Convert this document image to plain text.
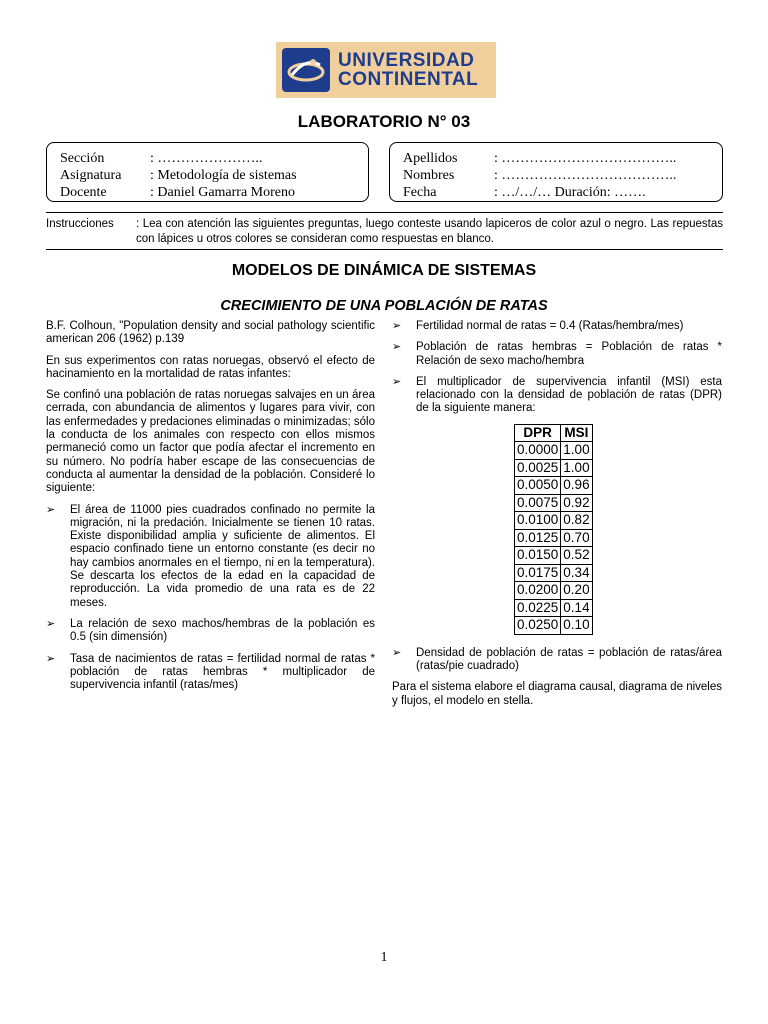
UNIVERSIDAD
CONTINENTAL
LABORATORIO N° 03
Sección	: …………………..
Asignatura	: Metodología de sistemas
Docente	: Daniel Gamarra Moreno
Apellidos	: ………………………………..
Nombres	: ………………………………..
Fecha	: …/…/… Duración: …….
Instrucciones	: Lea con atención las siguientes preguntas, luego conteste usando lapiceros de color azul o negro. Las repuestas con lápices u otros colores se consideran como respuestas en blanco.
MODELOS DE DINÁMICA DE SISTEMAS
CRECIMIENTO DE UNA POBLACIÓN DE RATAS

B.F. Colhoun, "Population density and social pathology scientific american 206 (1962) p.139

En sus experimentos con ratas noruegas, observó el efecto de hacinamiento en la mortalidad de ratas infantes:

Se confinó una población de ratas noruegas salvajes en un área cerrada, con abundancia de alimentos y lugares para vivir, con las enfermedades y predaciones eliminadas o minimizadas; sólo la conducta de los animales con respecto con ellos mismos permaneció como un factor que podía afectar el incremento en su número. No podría haber escape de las consecuencias de conducta al aumentar la densidad de la población. Consideré lo siguiente:

➢	El área de 11000 pies cuadrados confinado no permite la migración, ni la predación. Inicialmente se tienen 10 ratas. Existe disponibilidad amplia y suficiente de alimentos. El espacio confinado tiene un entorno constante (es decir no hay cambios anormales en el tiempo, ni en la temperatura). Se descarta los efectos de la edad en la capacidad de reproducción. La vida promedio de una rata es de 22 meses.
➢	La relación de sexo machos/hembras de la población es 0.5 (sin dimensión)
➢	Tasa de nacimientos de ratas = fertilidad normal de ratas * población de ratas hembras * multiplicador de supervivencia infantil (ratas/mes)
➢	Fertilidad normal de ratas = 0.4 (Ratas/hembra/mes)
➢	Población de ratas hembras = Población de ratas * Relación de sexo macho/hembra
➢	El multiplicador de supervivencia infantil (MSI) esta relacionado con la densidad de población de ratas (DPR) de la siguiente manera:
DPR	MSI
0.0000	1.00
0.0025	1.00
0.0050	0.96
0.0075	0.92
0.0100	0.82
0.0125	0.70
0.0150	0.52
0.0175	0.34
0.0200	0.20
0.0225	0.14
0.0250	0.10
➢	Densidad de población de ratas = población de ratas/área (ratas/pie cuadrado)

Para el sistema elabore el diagrama causal, diagrama de niveles y flujos, el modelo en stella.

1
